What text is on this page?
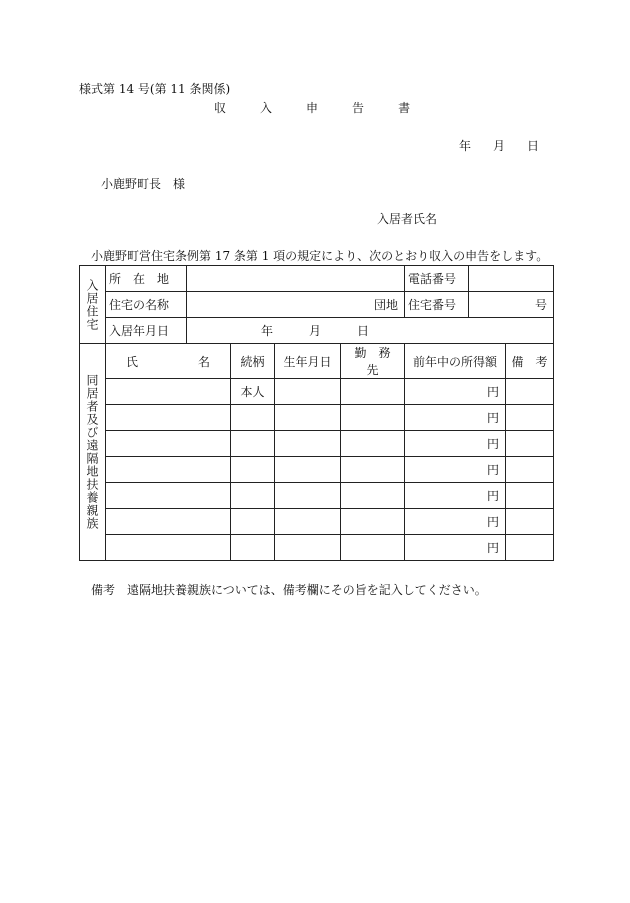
様式第 14 号(第 11 条関係)
収	入	申	告	書
年 月 日
小鹿野町長　様
入居者氏名
小鹿野町営住宅条例第 17 条第 1 項の規定により、次のとおり収入の申告をします。
入居住宅	所　在　地					電話番号		
	住宅の名称	団地				住宅番号	号	
	入居年月日	年　　　月　　　日						
同居者及び遠隔地扶養親族	氏　　　　　名		続柄	生年月日	勤　務　先	前年中の所得額		備　考
			本人			円		
						円		
						円		
						円		
						円		
						円		
						円		
備考　遠隔地扶養親族については、備考欄にその旨を記入してください。
